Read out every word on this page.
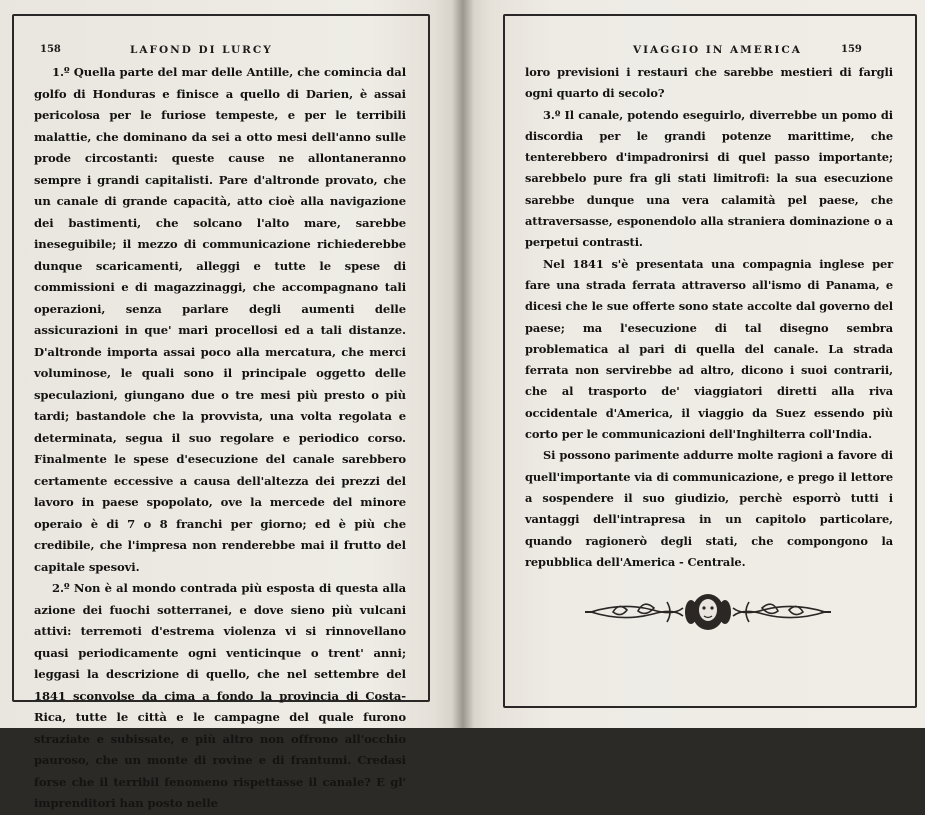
158	LAFOND DI LURCY

1.º Quella parte del mar delle Antille, che comincia dal golfo di Honduras e finisce a quello di Darien, è assai pericolosa per le furiose tempeste, e per le terribili malattie, che dominano da sei a otto mesi dell'anno sulle prode circostanti: queste cause ne allontaneranno sempre i grandi capitalisti. Pare d'altronde provato, che un canale di grande capacità, atto cioè alla navigazione dei bastimenti, che solcano l'alto mare, sarebbe ineseguibile; il mezzo di communicazione richiederebbe dunque scaricamenti, alleggi e tutte le spese di commissioni e di magazzinaggi, che accompagnano tali operazioni, senza parlare degli aumenti delle assicurazioni in que' mari procellosi ed a tali distanze. D'altronde importa assai poco alla mercatura, che merci voluminose, le quali sono il principale oggetto delle speculazioni, giungano due o tre mesi più presto o più tardi; bastandole che la provvista, una volta regolata e determinata, segua il suo regolare e periodico corso. Finalmente le spese d'esecuzione del canale sarebbero certamente eccessive a causa dell'altezza dei prezzi del lavoro in paese spopolato, ove la mercede del minore operaio è di 7 o 8 franchi per giorno; ed è più che credibile, che l'impresa non renderebbe mai il frutto del capitale spesovi.

2.º Non è al mondo contrada più esposta di questa alla azione dei fuochi sotterranei, e dove sieno più vulcani attivi: terremoti d'estrema violenza vi si rinnovellano quasi periodicamente ogni venticinque o trent' anni; leggasi la descrizione di quello, che nel settembre del 1841 sconvolse da cima a fondo la provincia di Costa-Rica, tutte le città e le campagne del quale furono straziate e subissate, e più altro non offrono all'occhio pauroso, che un monte di rovine e di frantumi. Credasi forse che il terribil fenomeno rispettasse il canale? E gl' imprenditori han posto nelle

VIAGGIO IN AMERICA	159

loro previsioni i restauri che sarebbe mestieri di fargli ogni quarto di secolo?

3.º Il canale, potendo eseguirlo, diverrebbe un pomo di discordia per le grandi potenze marittime, che tenterebbero d'impadronirsi di quel passo importante; sarebbelo pure fra gli stati limitrofi: la sua esecuzione sarebbe dunque una vera calamità pel paese, che attraversasse, esponendolo alla straniera dominazione o a perpetui contrasti.

Nel 1841 s'è presentata una compagnia inglese per fare una strada ferrata attraverso all'ismo di Panama, e dicesi che le sue offerte sono state accolte dal governo del paese; ma l'esecuzione di tal disegno sembra problematica al pari di quella del canale. La strada ferrata non servirebbe ad altro, dicono i suoi contrarii, che al trasporto de' viaggiatori diretti alla riva occidentale d'America, il viaggio da Suez essendo più corto per le communicazioni dell'Inghilterra coll'India.

Si possono parimente addurre molte ragioni a favore di quell'importante via di communicazione, e prego il lettore a sospendere il suo giudizio, perchè esporrò tutti i vantaggi dell'intrapresa in un capitolo particolare, quando ragionerò degli stati, che compongono la repubblica dell'America - Centrale.
